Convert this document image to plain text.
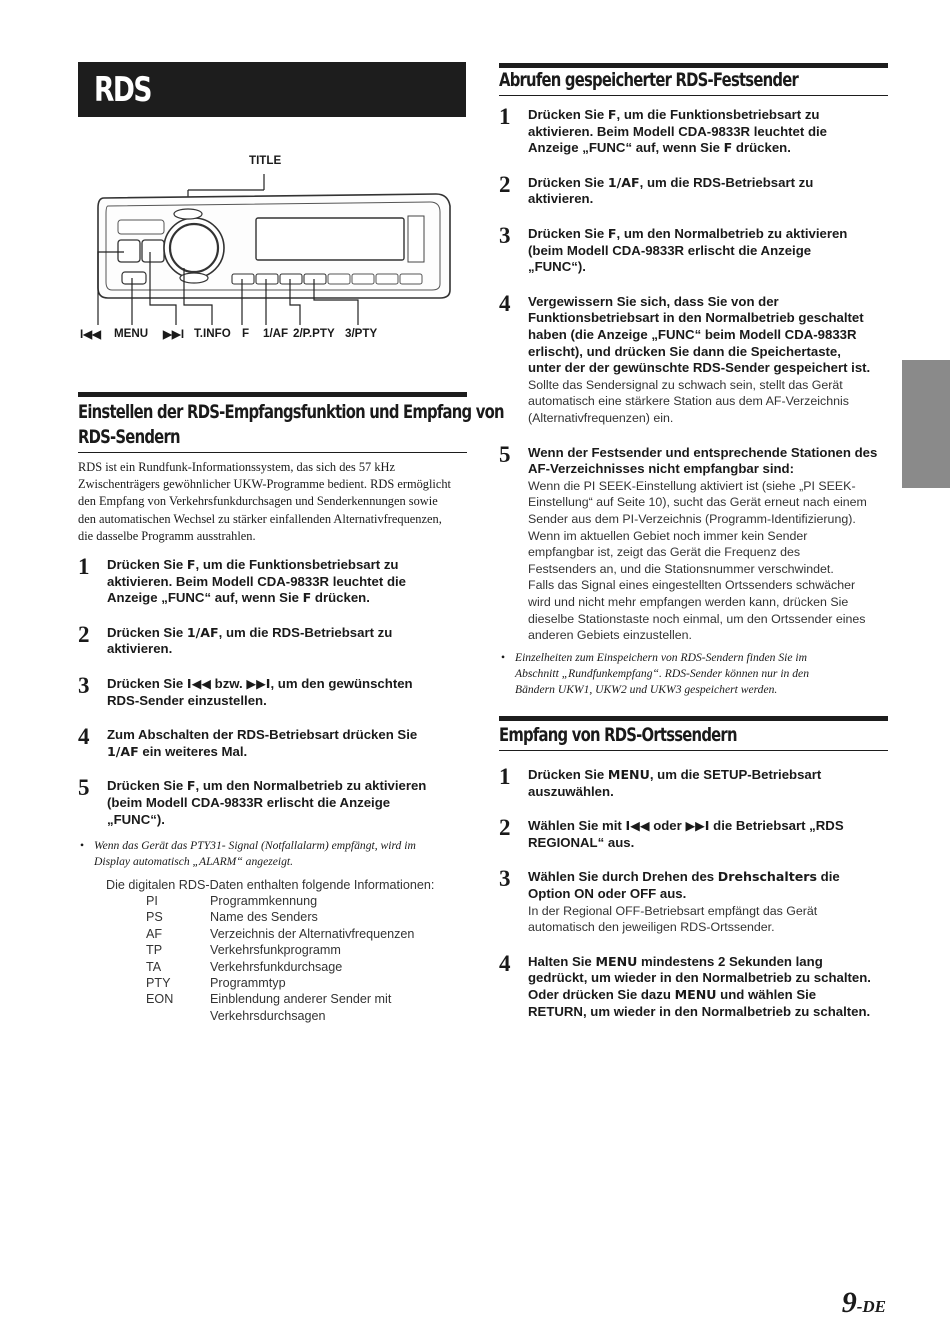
RDS
TITLE
I◀◀ MENU ▶▶I T.INFO F 1/AF 2/P.PTY 3/PTY
Einstellen der RDS-Empfangsfunktion und Empfang von
RDS-Sendern
RDS ist ein Rundfunk-Informationssystem, das sich des 57 kHz
Zwischenträgers gewöhnlicher UKW-Programme bedient. RDS ermöglicht
den Empfang von Verkehrsfunkdurchsagen und Senderkennungen sowie
den automatischen Wechsel zu stärker einfallenden Alternativfrequenzen,
die dasselbe Programm ausstrahlen.
1 Drücken Sie F, um die Funktionsbetriebsart zu
aktivieren. Beim Modell CDA-9833R leuchtet die
Anzeige „FUNC“ auf, wenn Sie F drücken.
2 Drücken Sie 1/AF, um die RDS-Betriebsart zu
aktivieren.
3 Drücken Sie I◀◀ bzw. ▶▶I, um den gewünschten
RDS-Sender einzustellen.
4 Zum Abschalten der RDS-Betriebsart drücken Sie
1/AF ein weiteres Mal.
5 Drücken Sie F, um den Normalbetrieb zu aktivieren
(beim Modell CDA-9833R erlischt die Anzeige
„FUNC“).
• Wenn das Gerät das PTY31- Signal (Notfallalarm) empfängt, wird im
Display automatisch „ALARM“ angezeigt.
Die digitalen RDS-Daten enthalten folgende Informationen:
PI	Programmkennung
PS	Name des Senders
AF	Verzeichnis der Alternativfrequenzen
TP	Verkehrsfunkprogramm
TA	Verkehrsfunkdurchsage
PTY	Programmtyp
EON	Einblendung anderer Sender mit
Verkehrsdurchsagen
Abrufen gespeicherter RDS-Festsender
1 Drücken Sie F, um die Funktionsbetriebsart zu
aktivieren. Beim Modell CDA-9833R leuchtet die
Anzeige „FUNC“ auf, wenn Sie F drücken.
2 Drücken Sie 1/AF, um die RDS-Betriebsart zu
aktivieren.
3 Drücken Sie F, um den Normalbetrieb zu aktivieren
(beim Modell CDA-9833R erlischt die Anzeige
„FUNC“).
4 Vergewissern Sie sich, dass Sie von der
Funktionsbetriebsart in den Normalbetrieb geschaltet
haben (die Anzeige „FUNC“ beim Modell CDA-9833R
erlischt), und drücken Sie dann die Speichertaste,
unter der der gewünschte RDS-Sender gespeichert ist.
Sollte das Sendersignal zu schwach sein, stellt das Gerät
automatisch eine stärkere Station aus dem AF-Verzeichnis
(Alternativfrequenzen) ein.
5 Wenn der Festsender und entsprechende Stationen des
AF-Verzeichnisses nicht empfangbar sind:
Wenn die PI SEEK-Einstellung aktiviert ist (siehe „PI SEEK-
Einstellung“ auf Seite 10), sucht das Gerät erneut nach einem
Sender aus dem PI-Verzeichnis (Programm-Identifizierung).
Wenn im aktuellen Gebiet noch immer kein Sender
empfangbar ist, zeigt das Gerät die Frequenz des
Festsenders an, und die Stationsnummer verschwindet.
Falls das Signal eines eingestellten Ortssenders schwächer
wird und nicht mehr empfangen werden kann, drücken Sie
dieselbe Stationstaste noch einmal, um den Ortssender eines
anderen Gebiets einzustellen.
• Einzelheiten zum Einspeichern von RDS-Sendern finden Sie im
Abschnitt „Rundfunkempfang“. RDS-Sender können nur in den
Bändern UKW1, UKW2 und UKW3 gespeichert werden.
Empfang von RDS-Ortssendern
1 Drücken Sie MENU, um die SETUP-Betriebsart
auszuwählen.
2 Wählen Sie mit I◀◀ oder ▶▶I die Betriebsart „RDS
REGIONAL“ aus.
3 Wählen Sie durch Drehen des Drehschalters die
Option ON oder OFF aus.
In der Regional OFF-Betriebsart empfängt das Gerät
automatisch den jeweiligen RDS-Ortssender.
4 Halten Sie MENU mindestens 2 Sekunden lang
gedrückt, um wieder in den Normalbetrieb zu schalten.
Oder drücken Sie dazu MENU und wählen Sie
RETURN, um wieder in den Normalbetrieb zu schalten.
9-DE
